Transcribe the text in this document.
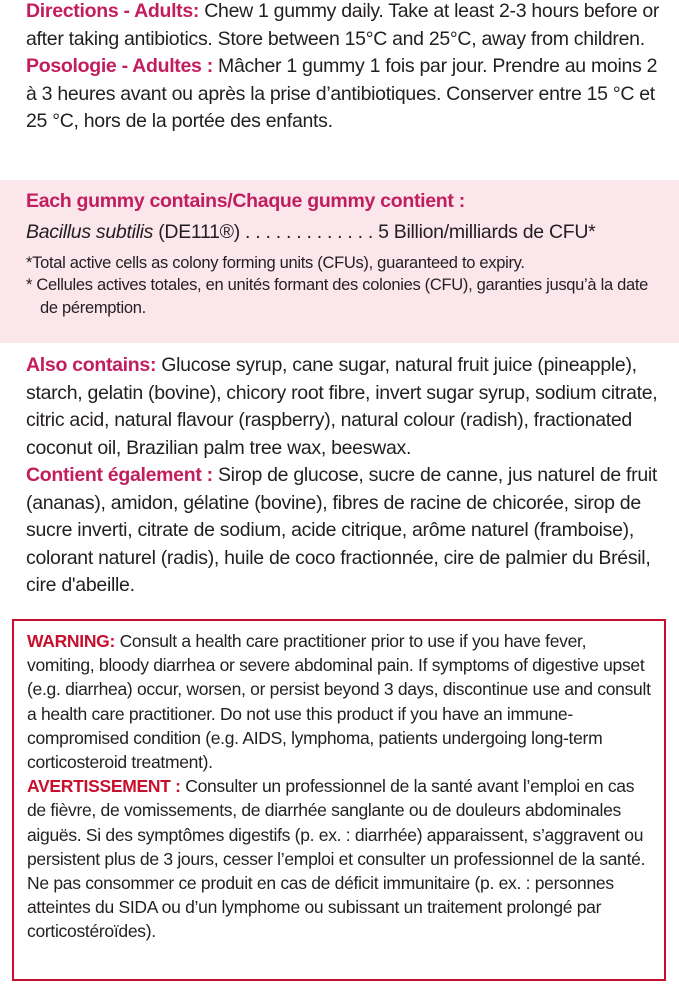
Directions - Adults: Chew 1 gummy daily. Take at least 2-3 hours before or after taking antibiotics. Store between 15°C and 25°C, away from children.
Posologie - Adultes : Mâcher 1 gummy 1 fois par jour. Prendre au moins 2 à 3 heures avant ou après la prise d’antibiotiques. Conserver entre 15 °C et 25 °C, hors de la portée des enfants.
Each gummy contains/Chaque gummy contient :
Bacillus subtilis (DE111®) . . . . . . . . . . . . . 5 Billion/milliards de CFU*
*Total active cells as colony forming units (CFUs), guaranteed to expiry.
* Cellules actives totales, en unités formant des colonies (CFU), garanties jusqu’à la date de péremption.
Also contains: Glucose syrup, cane sugar, natural fruit juice (pineapple), starch, gelatin (bovine), chicory root fibre, invert sugar syrup, sodium citrate, citric acid, natural flavour (raspberry), natural colour (radish), fractionated coconut oil, Brazilian palm tree wax, beeswax.
Contient également : Sirop de glucose, sucre de canne, jus naturel de fruit (ananas), amidon, gélatine (bovine), fibres de racine de chicorée, sirop de sucre inverti, citrate de sodium, acide citrique, arôme naturel (framboise), colorant naturel (radis), huile de coco fractionnée, cire de palmier du Brésil, cire d'abeille.
WARNING: Consult a health care practitioner prior to use if you have fever, vomiting, bloody diarrhea or severe abdominal pain. If symptoms of digestive upset (e.g. diarrhea) occur, worsen, or persist beyond 3 days, discontinue use and consult a health care practitioner. Do not use this product if you have an immune-compromised condition (e.g. AIDS, lymphoma, patients undergoing long-term corticosteroid treatment).
AVERTISSEMENT : Consulter un professionnel de la santé avant l’emploi en cas de fièvre, de vomissements, de diarrhée sanglante ou de douleurs abdominales aiguës. Si des symptômes digestifs (p. ex. : diarrhée) apparaissent, s’aggravent ou persistent plus de 3 jours, cesser l’emploi et consulter un professionnel de la santé. Ne pas consommer ce produit en cas de déficit immunitaire (p. ex. : personnes atteintes du SIDA ou d’un lymphome ou subissant un traitement prolongé par corticostéroïdes).
